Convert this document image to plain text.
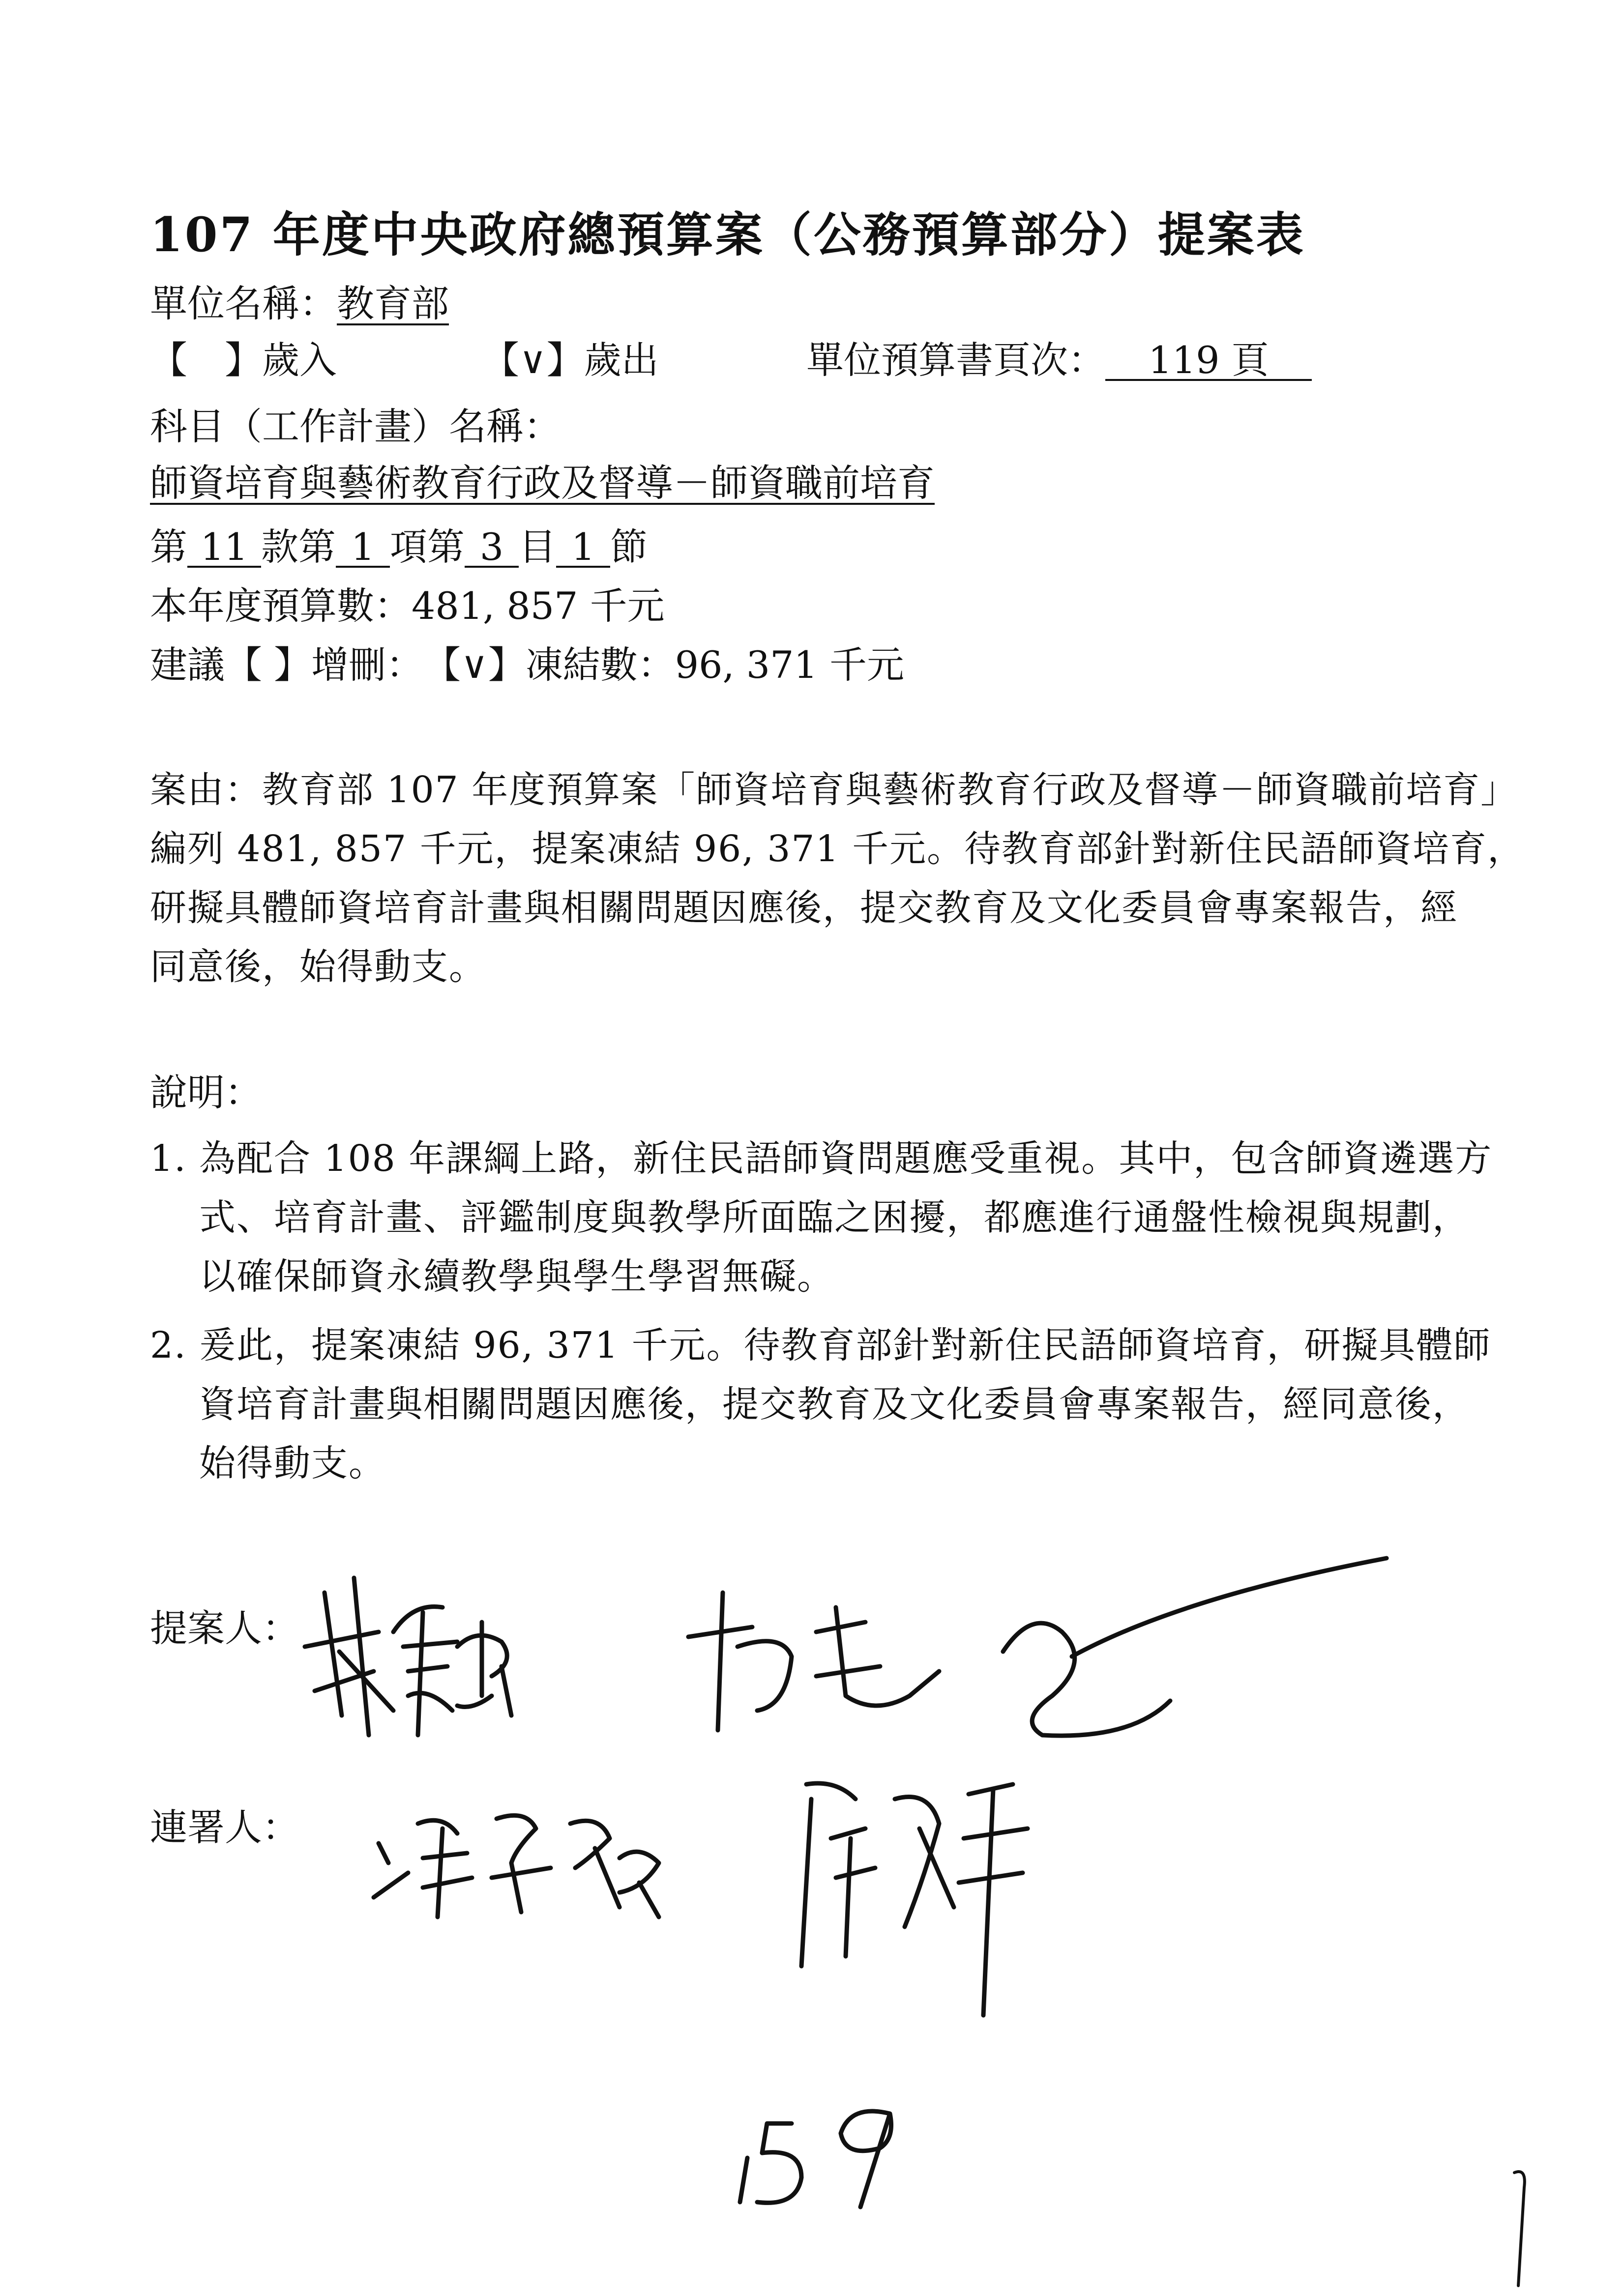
107 年度中央政府總預算案（公務預算部分）提案表
單位名稱：教育部
【　】歲入	【∨】歲出	單位預算書頁次： 119 頁
科目（工作計畫）名稱：
師資培育與藝術教育行政及督導－師資職前培育
第 11 款第 1 項第 3 目 1 節
本年度預算數：481, 857 千元
建議【 】增刪：　【∨】凍結數：96, 371 千元
案由：教育部 107 年度預算案「師資培育與藝術教育行政及督導－師資職前培育」
編列 481, 857 千元，提案凍結 96, 371 千元。待教育部針對新住民語師資培育，
研擬具體師資培育計畫與相關問題因應後，提交教育及文化委員會專案報告，經
同意後，始得動支。
說明：
1. 為配合 108 年課綱上路，新住民語師資問題應受重視。其中，包含師資遴選方
式、培育計畫、評鑑制度與教學所面臨之困擾，都應進行通盤性檢視與規劃，
以確保師資永續教學與學生學習無礙。
2. 爰此，提案凍結 96, 371 千元。待教育部針對新住民語師資培育，研擬具體師
資培育計畫與相關問題因應後，提交教育及文化委員會專案報告，經同意後，
始得動支。
提案人：
連署人：
